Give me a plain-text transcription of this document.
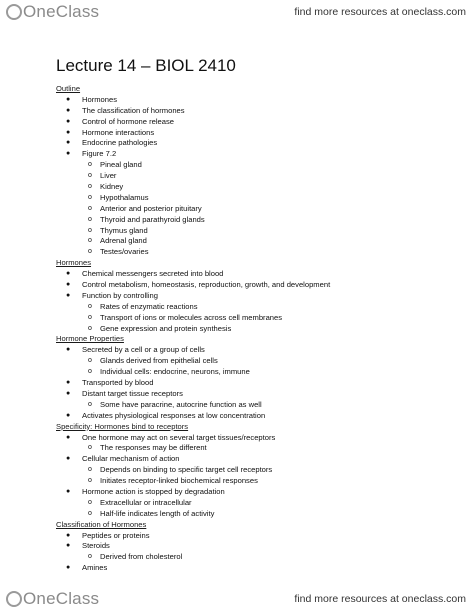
OneClass	find more resources at oneclass.com
Lecture 14 – BIOL 2410
Outline
● Hormones
● The classification of hormones
● Control of hormone release
● Hormone interactions
● Endocrine pathologies
● Figure 7.2
o Pineal gland
o Liver
o Kidney
o Hypothalamus
o Anterior and posterior pituitary
o Thyroid and parathyroid glands
o Thymus gland
o Adrenal gland
o Testes/ovaries
Hormones
● Chemical messengers secreted into blood
● Control metabolism, homeostasis, reproduction, growth, and development
● Function by controlling
o Rates of enzymatic reactions
o Transport of ions or molecules across cell membranes
o Gene expression and protein synthesis
Hormone Properties
● Secreted by a cell or a group of cells
o Glands derived from epithelial cells
o Individual cells: endocrine, neurons, immune
● Transported by blood
● Distant target tissue receptors
o Some have paracrine, autocrine function as well
● Activates physiological responses at low concentration
Specificity: Hormones bind to receptors
● One hormone may act on several target tissues/receptors
o The responses may be different
● Cellular mechanism of action
o Depends on binding to specific target cell receptors
o Initiates receptor-linked biochemical responses
● Hormone action is stopped by degradation
o Extracellular or intracellular
o Half-life indicates length of activity
Classification of Hormones
● Peptides or proteins
● Steroids
o Derived from cholesterol
● Amines
OneClass	find more resources at oneclass.com
